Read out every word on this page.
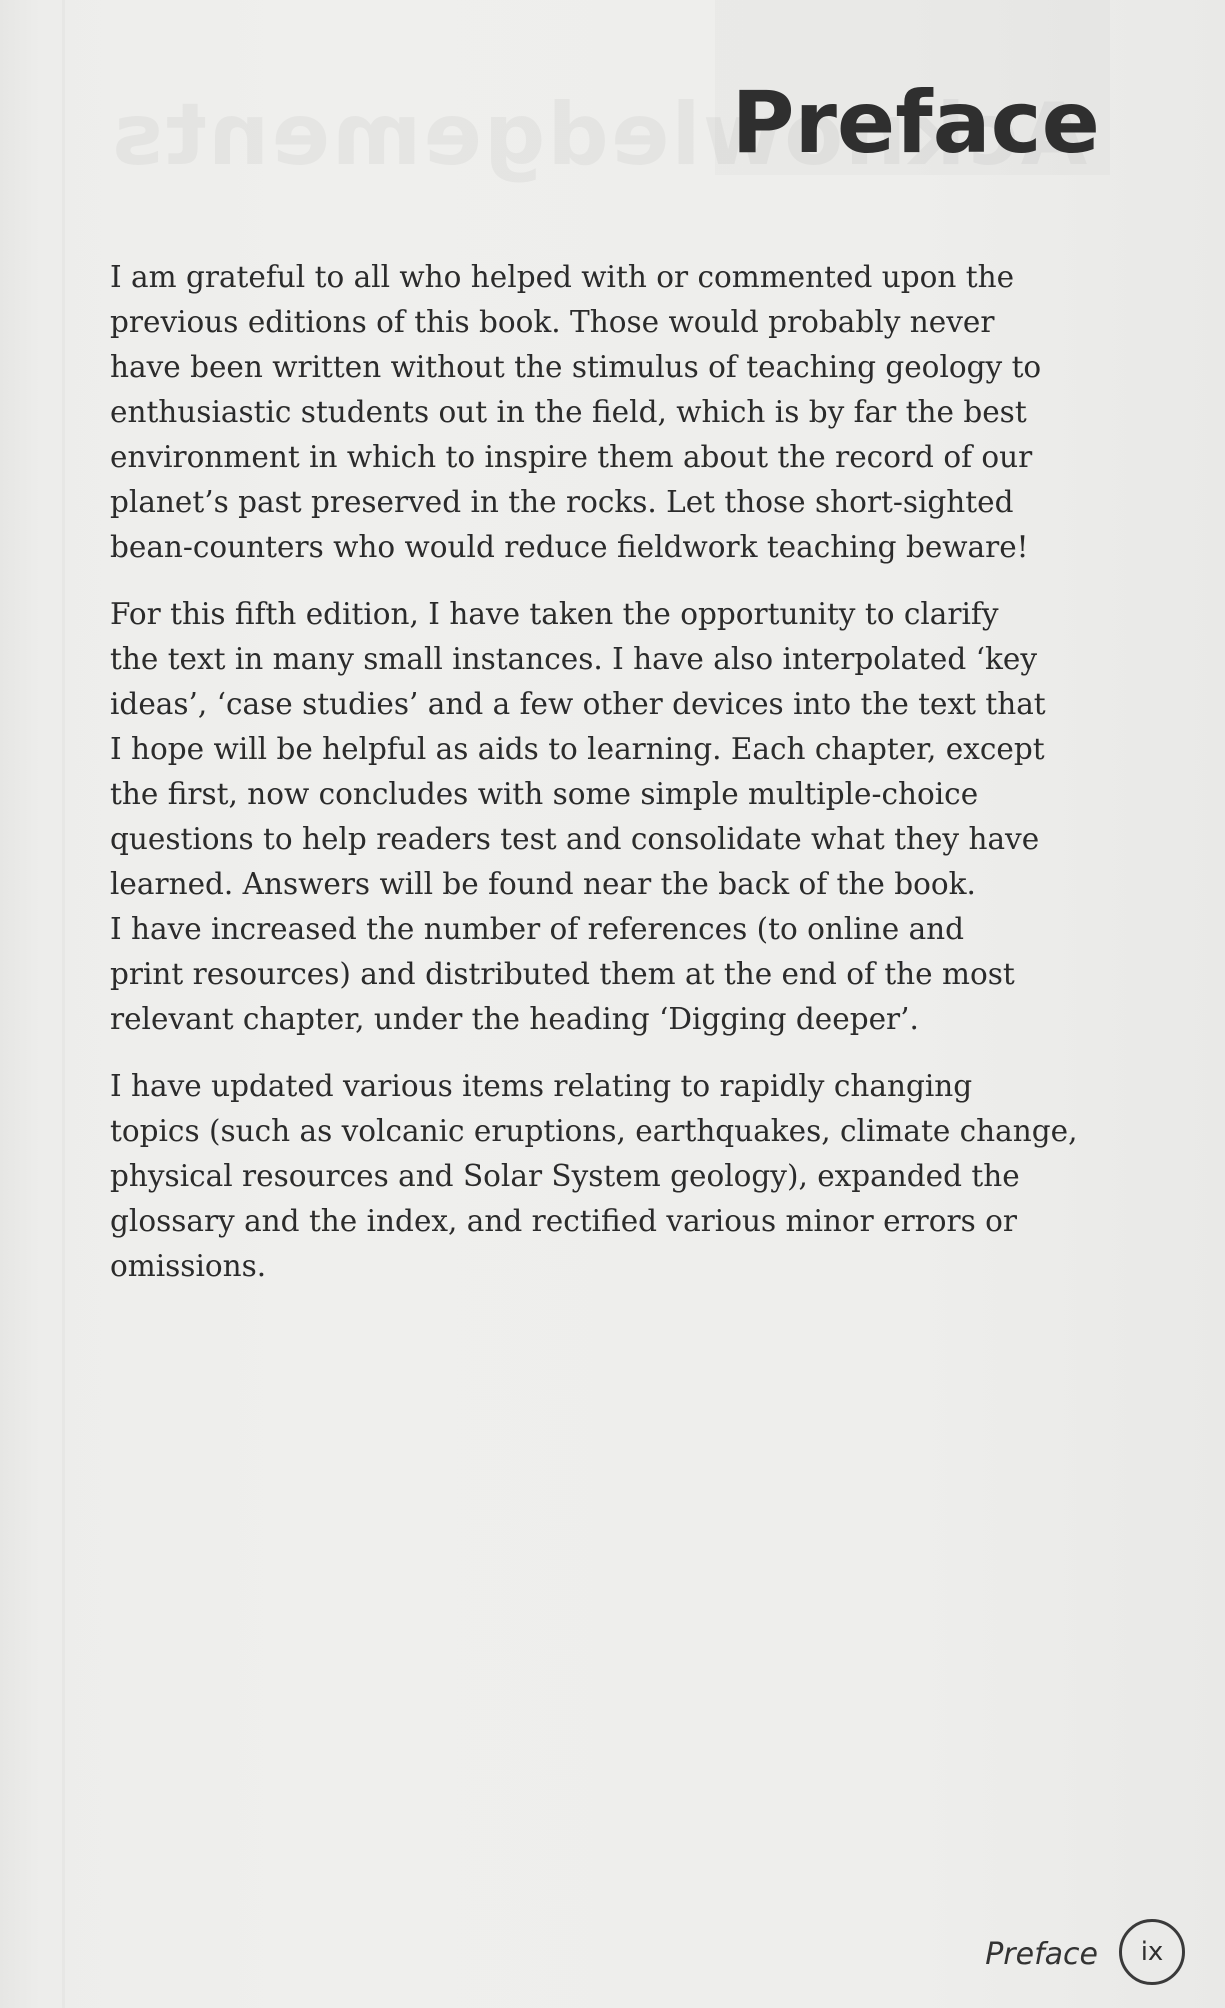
Preface

I am grateful to all who helped with or commented upon the
previous editions of this book. Those would probably never
have been written without the stimulus of teaching geology to
enthusiastic students out in the field, which is by far the best
environment in which to inspire them about the record of our
planet’s past preserved in the rocks. Let those short-sighted
bean-counters who would reduce fieldwork teaching beware!

For this fifth edition, I have taken the opportunity to clarify
the text in many small instances. I have also interpolated ‘key
ideas’, ‘case studies’ and a few other devices into the text that
I hope will be helpful as aids to learning. Each chapter, except
the first, now concludes with some simple multiple-choice
questions to help readers test and consolidate what they have
learned. Answers will be found near the back of the book.
I have increased the number of references (to online and
print resources) and distributed them at the end of the most
relevant chapter, under the heading ‘Digging deeper’.

I have updated various items relating to rapidly changing
topics (such as volcanic eruptions, earthquakes, climate change,
physical resources and Solar System geology), expanded the
glossary and the index, and rectified various minor errors or
omissions.

Preface	ix
